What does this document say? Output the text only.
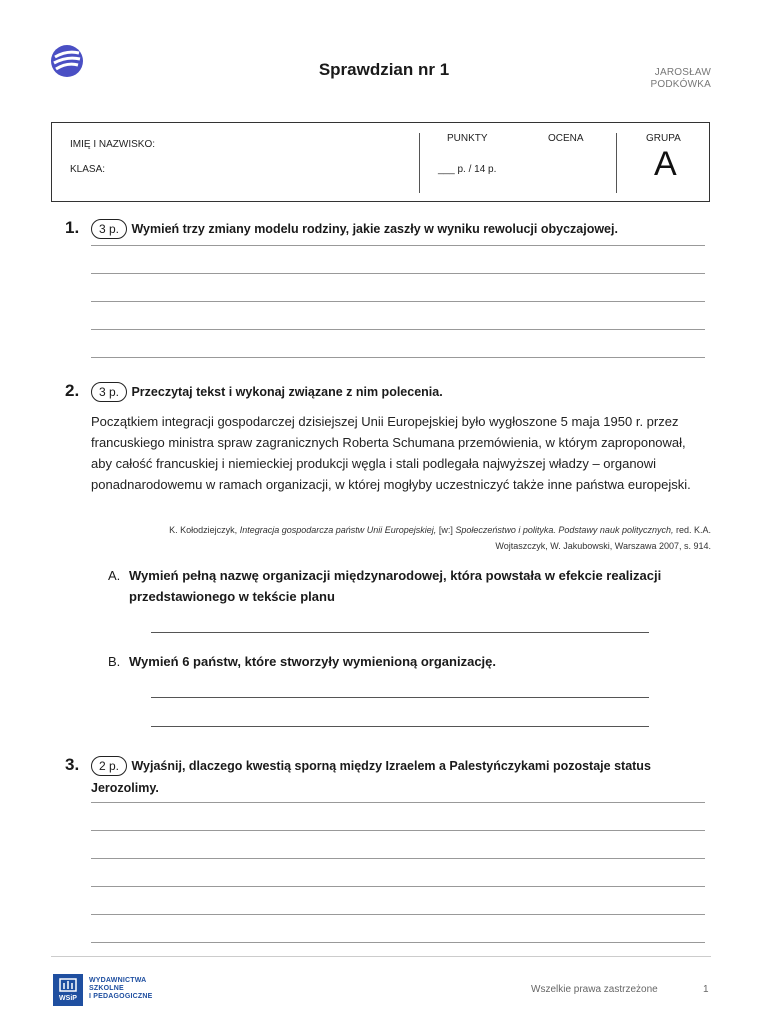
Sprawdzian nr 1	JAROSŁAW
PODKÓWKA
IMIĘ I NAZWISKO:
KLASA:
PUNKTY
___ p. / 14 p.
OCENA	GRUPA
A
1.	3 p. Wymień trzy zmiany modelu rodziny, jakie zaszły w wyniku rewolucji obyczajowej.
2.	3 p. Przeczytaj tekst i wykonaj związane z nim polecenia.
Początkiem integracji gospodarczej dzisiejszej Unii Europejskiej było wygłoszone 5 maja 1950 r. przez francuskiego ministra spraw zagranicznych Roberta Schumana przemówienia, w którym zaproponował, aby całość francuskiej i niemieckiej produkcji węgla i stali podlegała najwyższej władzy – organowi ponadnarodowemu w ramach organizacji, w której mogłyby uczestniczyć także inne państwa europejski.
K. Kołodziejczyk, Integracja gospodarcza państw Unii Europejskiej, [w:] Społeczeństwo i polityka. Podstawy nauk politycznych, red. K.A.
Wojtaszczyk, W. Jakubowski, Warszawa 2007, s. 914.
A. Wymień pełną nazwę organizacji międzynarodowej, która powstała w efekcie realizacji przedstawionego w tekście planu
B. Wymień 6 państw, które stworzyły wymienioną organizację.
3.	2 p. Wyjaśnij, dlaczego kwestią sporną między Izraelem a Palestyńczykami pozostaje status Jerozolimy.
WSiP
WYDAWNICTWA
SZKOLNE
I PEDAGOGICZNE
Wszelkie prawa zastrzeżone	1
